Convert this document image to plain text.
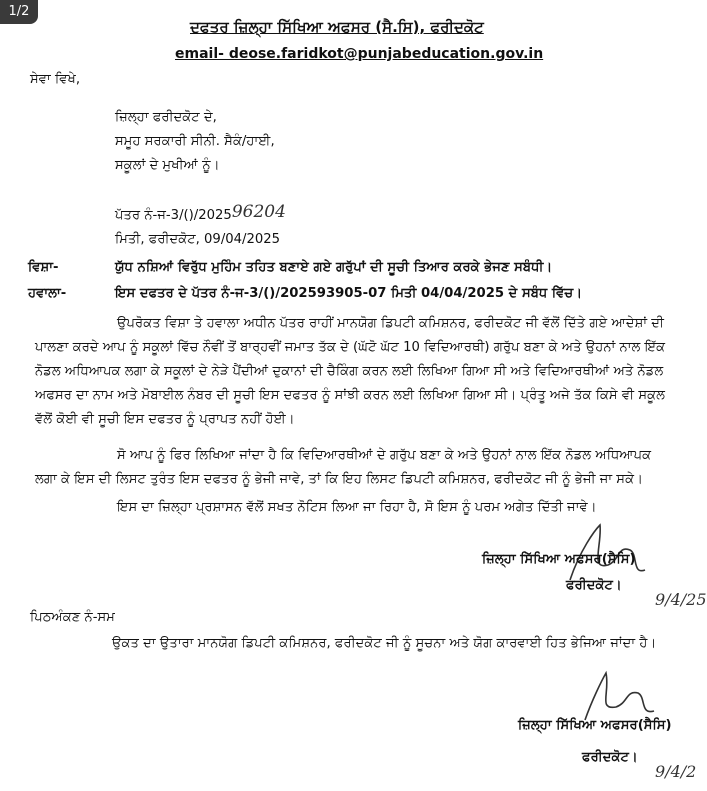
1/2
ਦਫਤਰ ਜ਼ਿਲ੍ਹਾ ਸਿੱਖਿਆ ਅਫਸਰ (ਸੈ.ਸਿ), ਫਰੀਦਕੋਟ
email- deose.faridkot@punjabeducation.gov.in
ਸੇਵਾ ਵਿਖੇ,
ਜ਼ਿਲ੍ਹਾ ਫਰੀਦਕੋਟ ਦੇ,
ਸਮੂਹ ਸਰਕਾਰੀ ਸੀਨੀ. ਸੈਕੰ/ਹਾਈ,
ਸਕੂਲਾਂ ਦੇ ਮੁਖੀਆਂ ਨੂੰ।
ਪੱਤਰ ਨੰ-ਜ-3/()/202596204
ਮਿਤੀ, ਫਰੀਦਕੋਟ, 09/04/2025
ਵਿਸ਼ਾ-	ਯੁੱਧ ਨਸ਼ਿਆਂ ਵਿਰੁੱਧ ਮੁਹਿੰਮ ਤਹਿਤ ਬਣਾਏ ਗਏ ਗਰੁੱਪਾਂ ਦੀ ਸੂਚੀ ਤਿਆਰ ਕਰਕੇ ਭੇਜਣ ਸਬੰਧੀ।
ਹਵਾਲਾ-	ਇਸ ਦਫਤਰ ਦੇ ਪੱਤਰ ਨੰ-ਜ-3/()/202593905-07 ਮਿਤੀ 04/04/2025 ਦੇ ਸਬੰਧ ਵਿੱਚ।
ਉਪਰੋਕਤ ਵਿਸ਼ਾ ਤੇ ਹਵਾਲਾ ਅਧੀਨ ਪੱਤਰ ਰਾਹੀਂ ਮਾਨਯੋਗ ਡਿਪਟੀ ਕਮਿਸ਼ਨਰ, ਫਰੀਦਕੋਟ ਜੀ ਵੱਲੋਂ ਦਿੱਤੇ ਗਏ ਆਦੇਸ਼ਾਂ ਦੀ ਪਾਲਣਾ ਕਰਦੇ ਆਪ ਨੂੰ ਸਕੂਲਾਂ ਵਿੱਚ ਨੌਵੀਂ ਤੋਂ ਬਾਰ੍ਹਵੀਂ ਜਮਾਤ ਤੱਕ ਦੇ (ਘੱਟੋ ਘੱਟ 10 ਵਿਦਿਆਰਥੀ) ਗਰੁੱਪ ਬਣਾ ਕੇ ਅਤੇ ਉਹਨਾਂ ਨਾਲ ਇੱਕ ਨੋਡਲ ਅਧਿਆਪਕ ਲਗਾ ਕੇ ਸਕੂਲਾਂ ਦੇ ਨੇੜੇ ਪੈਂਦੀਆਂ ਦੁਕਾਨਾਂ ਦੀ ਚੈਕਿੰਗ ਕਰਨ ਲਈ ਲਿਖਿਆ ਗਿਆ ਸੀ ਅਤੇ ਵਿਦਿਆਰਥੀਆਂ ਅਤੇ ਨੋਡਲ ਅਫਸਰ ਦਾ ਨਾਮ ਅਤੇ ਮੋਬਾਈਲ ਨੰਬਰ ਦੀ ਸੂਚੀ ਇਸ ਦਫਤਰ ਨੂੰ ਸਾਂਝੀ ਕਰਨ ਲਈ ਲਿਖਿਆ ਗਿਆ ਸੀ। ਪ੍ਰੰਤੂ ਅਜੇ ਤੱਕ ਕਿਸੇ ਵੀ ਸਕੂਲ ਵੱਲੋਂ ਕੋਈ ਵੀ ਸੂਚੀ ਇਸ ਦਫਤਰ ਨੂੰ ਪ੍ਰਾਪਤ ਨਹੀਂ ਹੋਈ।
ਸੋ ਆਪ ਨੂੰ ਫਿਰ ਲਿਖਿਆ ਜਾਂਦਾ ਹੈ ਕਿ ਵਿਦਿਆਰਥੀਆਂ ਦੇ ਗਰੁੱਪ ਬਣਾ ਕੇ ਅਤੇ ਉਹਨਾਂ ਨਾਲ ਇੱਕ ਨੋਡਲ ਅਧਿਆਪਕ ਲਗਾ ਕੇ ਇਸ ਦੀ ਲਿਸਟ ਤੁਰੰਤ ਇਸ ਦਫਤਰ ਨੂੰ ਭੇਜੀ ਜਾਵੇ, ਤਾਂ ਕਿ ਇਹ ਲਿਸਟ ਡਿਪਟੀ ਕਮਿਸ਼ਨਰ, ਫਰੀਦਕੋਟ ਜੀ ਨੂੰ ਭੇਜੀ ਜਾ ਸਕੇ।
ਇਸ ਦਾ ਜ਼ਿਲ੍ਹਾ ਪ੍ਰਸ਼ਾਸਨ ਵੱਲੋਂ ਸਖਤ ਨੋਟਿਸ ਲਿਆ ਜਾ ਰਿਹਾ ਹੈ, ਸੋ ਇਸ ਨੂੰ ਪਰਮ ਅਗੇਤ ਦਿੱਤੀ ਜਾਵੇ।
ਜ਼ਿਲ੍ਹਾ ਸਿੱਖਿਆ ਅਫਸਰ(ਸੈਸਿ)
ਫਰੀਦਕੋਟ।
9/4/25
ਪਿਠਅੰਕਣ ਨੰ-ਸਮ
ਉਕਤ ਦਾ ਉਤਾਰਾ ਮਾਨਯੋਗ ਡਿਪਟੀ ਕਮਿਸ਼ਨਰ, ਫਰੀਦਕੋਟ ਜੀ ਨੂੰ ਸੂਚਨਾ ਅਤੇ ਯੋਗ ਕਾਰਵਾਈ ਹਿਤ ਭੇਜਿਆ ਜਾਂਦਾ ਹੈ।
ਜ਼ਿਲ੍ਹਾ ਸਿੱਖਿਆ ਅਫਸਰ(ਸੈਸਿ)
ਫਰੀਦਕੋਟ।
9/4/2
